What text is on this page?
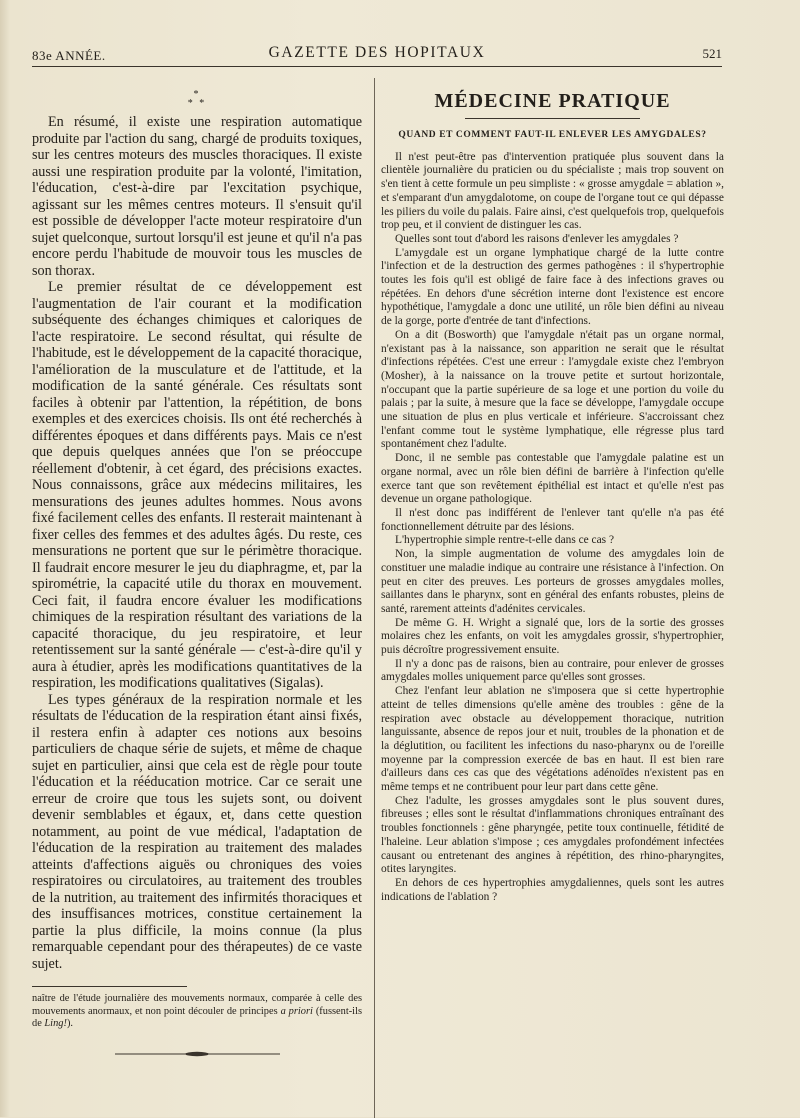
83e ANNÉE.	GAZETTE DES HOPITAUX	521
*
* *

En résumé, il existe une respiration automatique produite par l'action du sang, chargé de produits toxiques, sur les centres moteurs des muscles thoraciques. Il existe aussi une respiration produite par la volonté, l'imitation, l'éducation, c'est-à-dire par l'excitation psychique, agissant sur les mêmes centres moteurs. Il s'ensuit qu'il est possible de développer l'acte moteur respiratoire d'un sujet quelconque, surtout lorsqu'il est jeune et qu'il n'a pas encore perdu l'habitude de mouvoir tous les muscles de son thorax.

Le premier résultat de ce développement est l'augmentation de l'air courant et la modification subséquente des échanges chimiques et caloriques de l'acte respiratoire. Le second résultat, qui résulte de l'habitude, est le développement de la capacité thoracique, l'amélioration de la musculature et de l'attitude, et la modification de la santé générale. Ces résultats sont faciles à obtenir par l'attention, la répétition, de bons exemples et des exercices choisis. Ils ont été recherchés à différentes époques et dans différents pays. Mais ce n'est que depuis quelques années que l'on se préoccupe réellement d'obtenir, à cet égard, des précisions exactes. Nous connaissons, grâce aux médecins militaires, les mensurations des jeunes adultes hommes. Nous avons fixé facilement celles des enfants. Il resterait maintenant à fixer celles des femmes et des adultes âgés. Du reste, ces mensurations ne portent que sur le périmètre thoracique. Il faudrait encore mesurer le jeu du diaphragme, et, par la spirométrie, la capacité utile du thorax en mouvement. Ceci fait, il faudra encore évaluer les modifications chimiques de la respiration résultant des variations de la capacité thoracique, du jeu respiratoire, et leur retentissement sur la santé générale — c'est-à-dire qu'il y aura à étudier, après les modifications quantitatives de la respiration, les modifications qualitatives (Sigalas).

Les types généraux de la respiration normale et les résultats de l'éducation de la respiration étant ainsi fixés, il restera enfin à adapter ces notions aux besoins particuliers de chaque série de sujets, et même de chaque sujet en particulier, ainsi que cela est de règle pour toute l'éducation et la rééducation motrice. Car ce serait une erreur de croire que tous les sujets sont, ou doivent devenir semblables et égaux, et, dans cette question notamment, au point de vue médical, l'adaptation de l'éducation de la respiration au traitement des malades atteints d'affections aiguës ou chroniques des voies respiratoires ou circulatoires, au traitement des troubles de la nutrition, au traitement des infirmités thoraciques et des insuffisances motrices, constitue certainement la partie la plus difficile, la moins connue (la plus remarquable cependant pour des thérapeutes) de ce vaste sujet.

naître de l'étude journalière des mouvements normaux, comparée à celle des mouvements anormaux, et non point découler de principes a priori (fussent-ils de Ling!).
MÉDECINE PRATIQUE
QUAND ET COMMENT FAUT-IL ENLEVER LES AMYGDALES?

Il n'est peut-être pas d'intervention pratiquée plus souvent dans la clientèle journalière du praticien ou du spécialiste ; mais trop souvent on s'en tient à cette formule un peu simpliste : « grosse amygdale = ablation », et s'emparant d'un amygdalotome, on coupe de l'organe tout ce qui dépasse les piliers du voile du palais. Faire ainsi, c'est quelquefois trop, quelquefois trop peu, et il convient de distinguer les cas.

Quelles sont tout d'abord les raisons d'enlever les amygdales ?

L'amygdale est un organe lymphatique chargé de la lutte contre l'infection et de la destruction des germes pathogènes : il s'hypertrophie toutes les fois qu'il est obligé de faire face à des infections graves ou répétées. En dehors d'une sécrétion interne dont l'existence est encore hypothétique, l'amygdale a donc une utilité, un rôle bien défini au niveau de la gorge, porte d'entrée de tant d'infections.

On a dit (Bosworth) que l'amygdale n'était pas un organe normal, n'existant pas à la naissance, son apparition ne serait que le résultat d'infections répétées. C'est une erreur : l'amygdale existe chez l'embryon (Mosher), à la naissance on la trouve petite et surtout horizontale, n'occupant que la partie supérieure de sa loge et une portion du voile du palais ; par la suite, à mesure que la face se développe, l'amygdale occupe une situation de plus en plus verticale et inférieure. S'accroissant chez l'enfant comme tout le système lymphatique, elle régresse plus tard spontanément chez l'adulte.

Donc, il ne semble pas contestable que l'amygdale palatine est un organe normal, avec un rôle bien défini de barrière à l'infection qu'elle exerce tant que son revêtement épithélial est intact et qu'elle n'est pas devenue un organe pathologique.

Il n'est donc pas indifférent de l'enlever tant qu'elle n'a pas été fonctionnellement détruite par des lésions.

L'hypertrophie simple rentre-t-elle dans ce cas ?

Non, la simple augmentation de volume des amygdales loin de constituer une maladie indique au contraire une résistance à l'infection. On peut en citer des preuves. Les porteurs de grosses amygdales molles, saillantes dans le pharynx, sont en général des enfants robustes, pleins de santé, rarement atteints d'adénites cervicales.

De même G. H. Wright a signalé que, lors de la sortie des grosses molaires chez les enfants, on voit les amygdales grossir, s'hypertrophier, puis décroître progressivement ensuite.

Il n'y a donc pas de raisons, bien au contraire, pour enlever de grosses amygdales molles uniquement parce qu'elles sont grosses.

Chez l'enfant leur ablation ne s'imposera que si cette hypertrophie atteint de telles dimensions qu'elle amène des troubles : gêne de la respiration avec obstacle au développement thoracique, nutrition languissante, absence de repos jour et nuit, troubles de la phonation et de la déglutition, ou facilitent les infections du naso-pharynx ou de l'oreille moyenne par la compression exercée de bas en haut. Il est bien rare d'ailleurs dans ces cas que des végétations adénoïdes n'existent pas en même temps et ne contribuent pour leur part dans cette gêne.

Chez l'adulte, les grosses amygdales sont le plus souvent dures, fibreuses ; elles sont le résultat d'inflammations chroniques entraînant des troubles fonctionnels : gêne pharyngée, petite toux continuelle, fétidité de l'haleine. Leur ablation s'impose ; ces amygdales profondément infectées causant ou entretenant des angines à répétition, des rhino-pharyngites, otites laryngites.

En dehors de ces hypertrophies amygdaliennes, quels sont les autres indications de l'ablation ?
